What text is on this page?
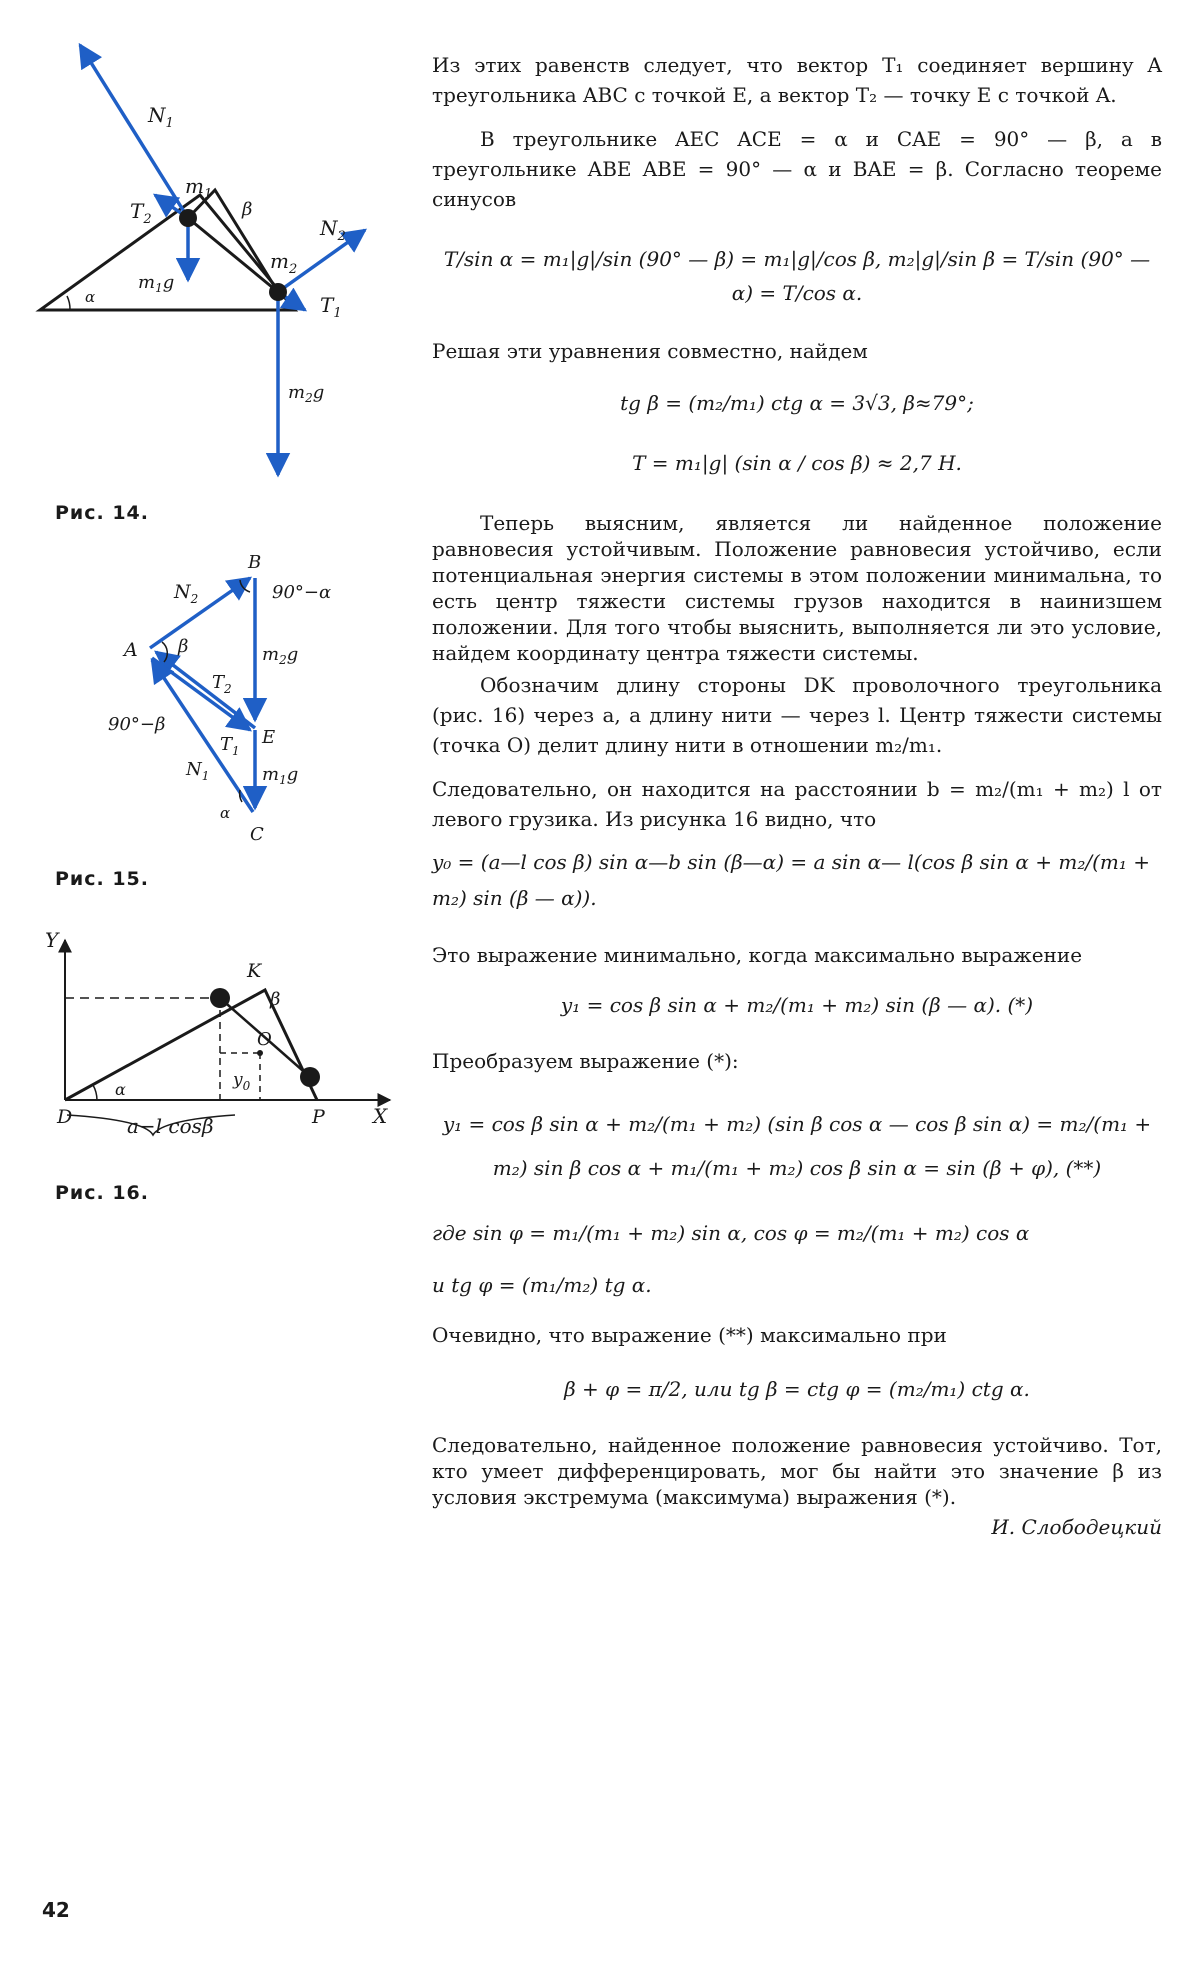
$N_1$
$T_2$
$m_1$
β
$N_2$
$m_2$
α
$m_1g$
$T_1$
$m_2g$
Рис. 14.
B
90°−α
$N_2$
A β	$m_2g$
$T_2$
90°−β
E
$T_1$
$N_1$	$m_1g$
α
C
Рис. 15.
Y
K
β
O
$y_0$
α
D	a−l cosβ	P X
Рис. 16.

Из этих равенств следует, что вектор T₁ соединяет вершину A треугольника ABC с точкой E, а вектор T₂ — точку E с точкой A.

В треугольнике AEC ACE = α и CAE = 90° — β, а в треугольнике ABE ABE = 90° — α и BAE = β. Согласно теореме синусов

T/sin α = m₁|g|/sin (90° — β) = m₁|g|/cos β, m₂|g|/sin β = T/sin (90° — α) = T/cos α.

Решая эти уравнения совместно, найдем

tg β = (m₂/m₁) ctg α = 3√3, β≈79°;

T = m₁|g| (sin α / cos β) ≈ 2,7 Н.

Теперь выясним, является ли найденное положение равновесия устойчивым. Положение равновесия устойчиво, если потенциальная энергия системы в этом положении минимальна, то есть центр тяжести системы грузов находится в наинизшем положении. Для того чтобы выяснить, выполняется ли это условие, найдем координату центра тяжести системы.

Обозначим длину стороны DK проволочного треугольника (рис. 16) через a, а длину нити — через l. Центр тяжести системы (точка O) делит длину нити в отношении m₂/m₁.

Следовательно, он находится на расстоянии b = m₂/(m₁ + m₂) l от левого грузика. Из рисунка 16 видно, что

y₀ = (a—l cos β) sin α—b sin (β—α) = a sin α— l(cos β sin α + m₂/(m₁ + m₂) sin (β — α)).

Это выражение минимально, когда максимально выражение

y₁ = cos β sin α + m₂/(m₁ + m₂) sin (β — α). (*)

Преобразуем выражение (*):

y₁ = cos β sin α + m₂/(m₁ + m₂) (sin β cos α — cos β sin α) = m₂/(m₁ + m₂) sin β cos α + m₁/(m₁ + m₂) cos β sin α = sin (β + φ), (**)

где sin φ = m₁/(m₁ + m₂) sin α, cos φ = m₂/(m₁ + m₂) cos α

и tg φ = (m₁/m₂) tg α.

Очевидно, что выражение (**) максимально при

β + φ = π/2, или tg β = ctg φ = (m₂/m₁) ctg α.

Следовательно, найденное положение равновесия устойчиво. Тот, кто умеет дифференцировать, мог бы найти это значение β из условия экстремума (максимума) выражения (*).

И. Слободецкий

42
